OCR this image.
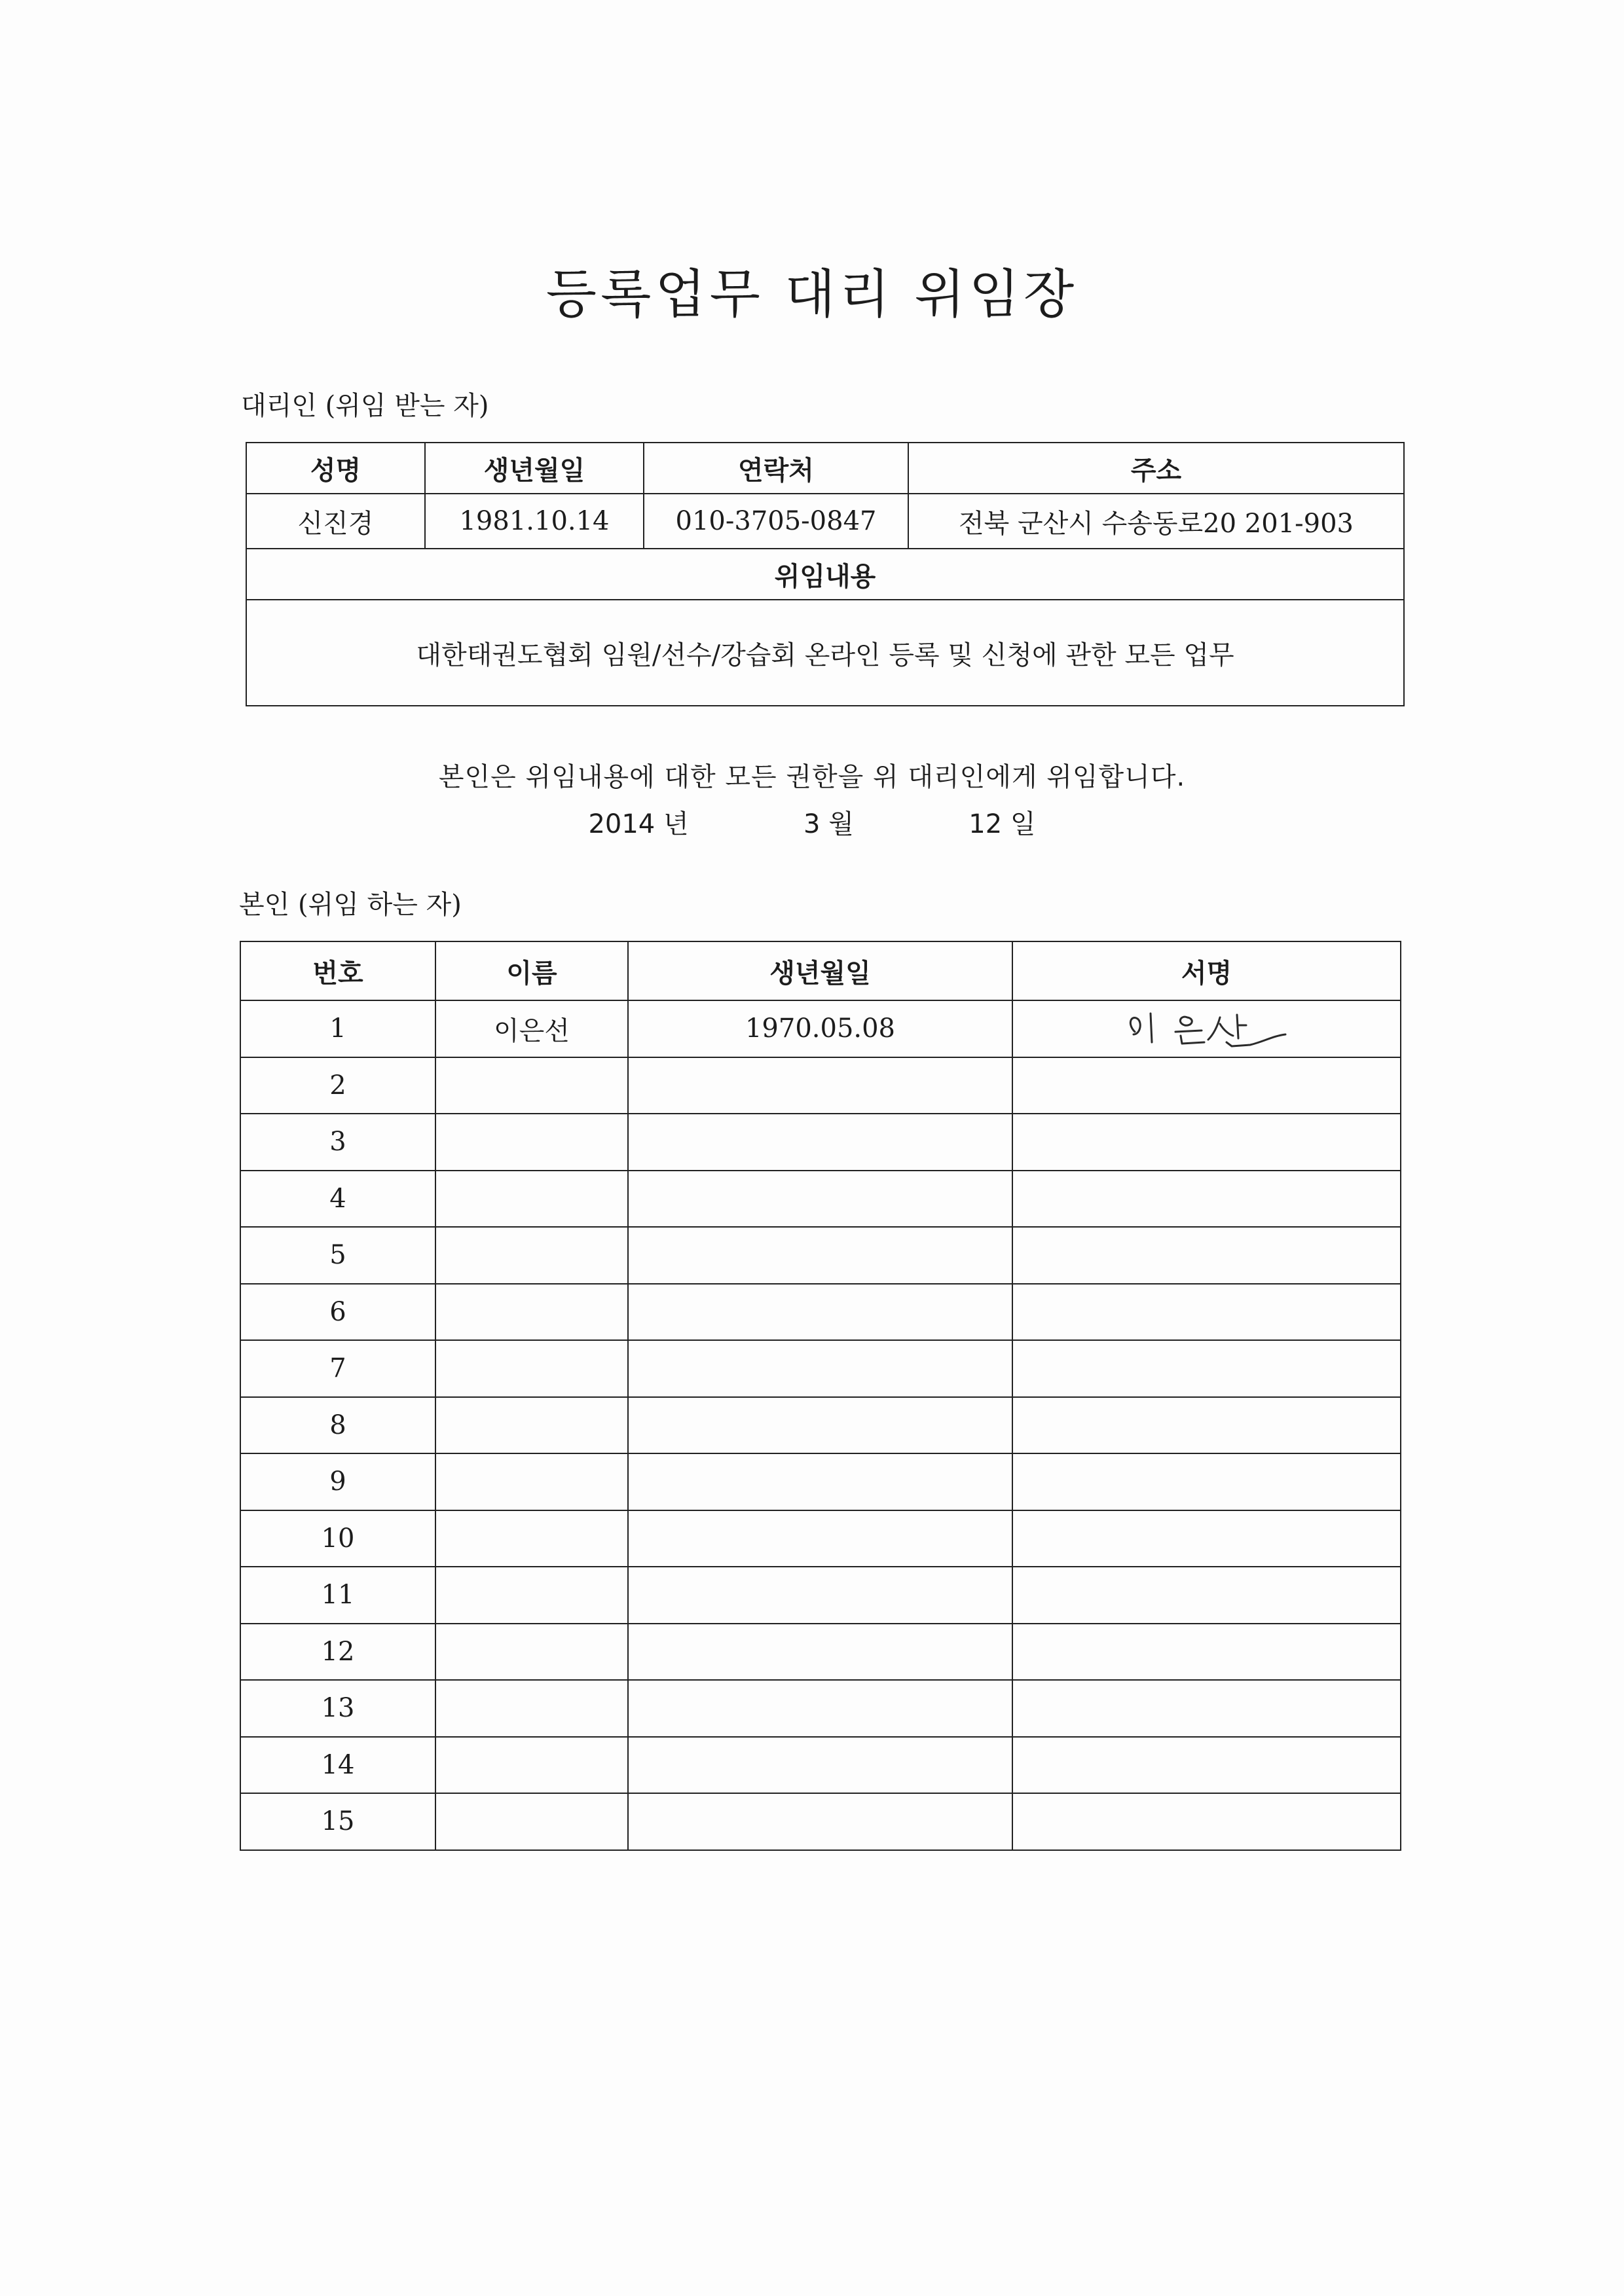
등록업무 대리 위임장

대리인 (위임 받는 자)

성명	생년월일	연락처	주소
신진경	1981.10.14	010-3705-0847	전북 군산시 수송동로20 201-903
위임내용			
대한태권도협회 임원/선수/강습회 온라인 등록 및 신청에 관한 모든 업무			

본인은 위임내용에 대한 모든 권한을 위 대리인에게 위임합니다.

2014 년	3 월	12 일

본인 (위임 하는 자)

번호	이름	생년월일	서명
1	이은선	1970.05.08	
2			
3			
4			
5			
6			
7			
8			
9			
10			
11			
12			
13			
14			
15			
